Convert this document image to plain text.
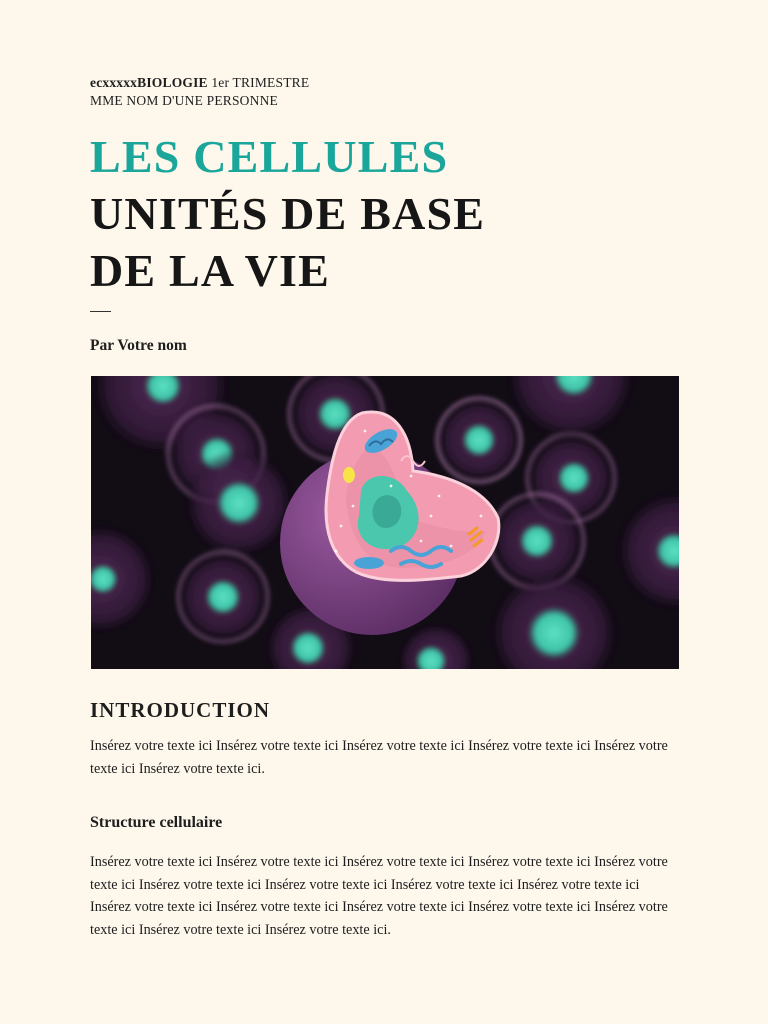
ecxxxxxBIOLOGIE 1er TRIMESTRE
MME NOM D'UNE PERSONNE
LES CELLULES
UNITÉS DE BASE
DE LA VIE
Par Votre nom
INTRODUCTION

Insérez votre texte ici Insérez votre texte ici Insérez votre texte ici Insérez votre texte ici Insérez votre texte ici Insérez votre texte ici.

Structure cellulaire

Insérez votre texte ici Insérez votre texte ici Insérez votre texte ici Insérez votre texte ici Insérez votre texte ici Insérez votre texte ici Insérez votre texte ici Insérez votre texte ici Insérez votre texte ici Insérez votre texte ici Insérez votre texte ici Insérez votre texte ici Insérez votre texte ici Insérez votre texte ici Insérez votre texte ici Insérez votre texte ici.
